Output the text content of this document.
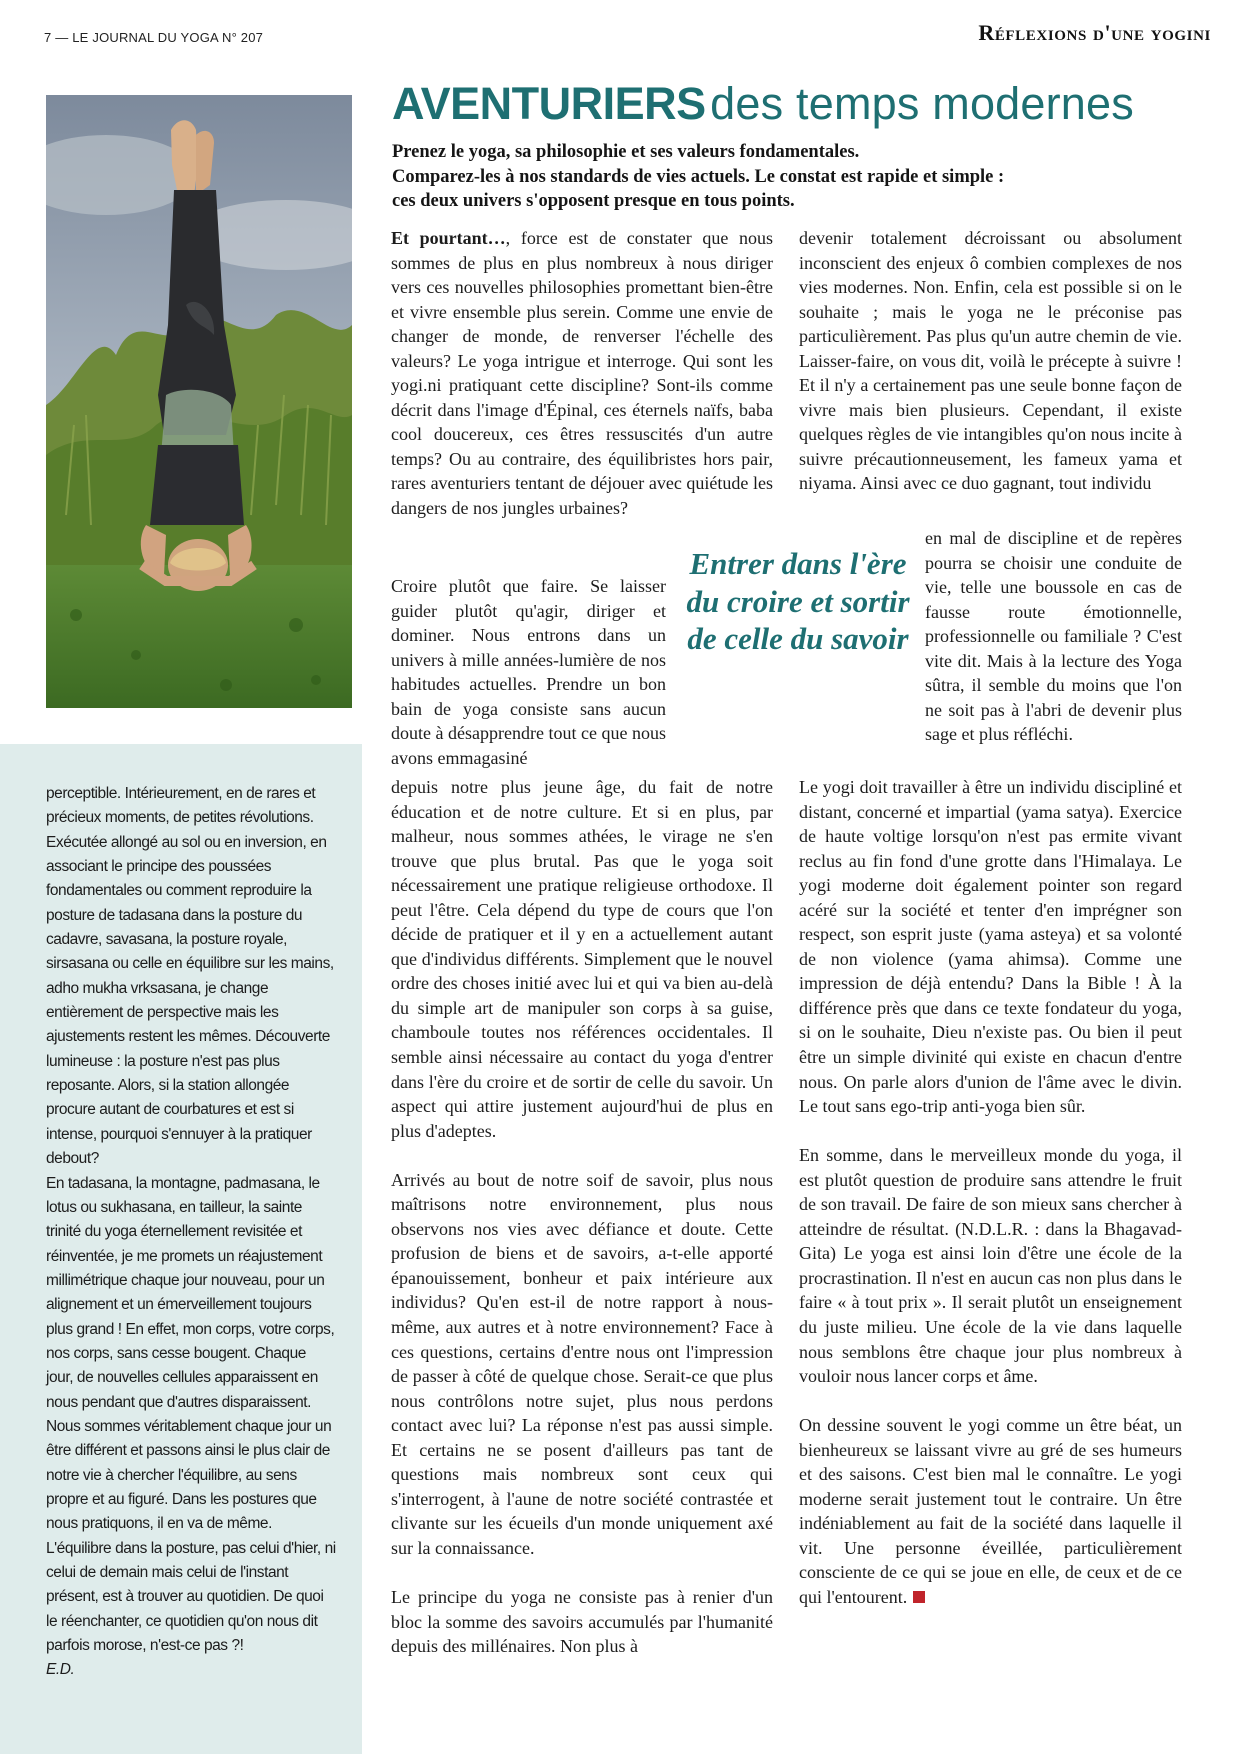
7 — LE JOURNAL DU YOGA N° 207	Réflexions d'une yogini
perceptible. Intérieurement, en de rares et précieux moments, de petites révolutions. Exécutée allongé au sol ou en inversion, en associant le principe des poussées fondamentales ou comment reproduire la posture de tadasana dans la posture du cadavre, savasana, la posture royale, sirsasana ou celle en équilibre sur les mains, adho mukha vrksasana, je change entièrement de perspective mais les ajustements restent les mêmes. Découverte lumineuse : la posture n'est pas plus reposante. Alors, si la station allongée procure autant de courbatures et est si intense, pourquoi s'ennuyer à la pratiquer debout?
En tadasana, la montagne, padmasana, le lotus ou sukhasana, en tailleur, la sainte trinité du yoga éternellement revisitée et réinventée, je me promets un réajustement millimétrique chaque jour nouveau, pour un alignement et un émerveillement toujours plus grand ! En effet, mon corps, votre corps, nos corps, sans cesse bougent. Chaque jour, de nouvelles cellules apparaissent en nous pendant que d'autres disparaissent. Nous sommes véritablement chaque jour un être différent et passons ainsi le plus clair de notre vie à chercher l'équilibre, au sens propre et au figuré. Dans les postures que nous pratiquons, il en va de même. L'équilibre dans la posture, pas celui d'hier, ni celui de demain mais celui de l'instant présent, est à trouver au quotidien. De quoi le réenchanter, ce quotidien qu'on nous dit parfois morose, n'est-ce pas ?!
E.D.
AVENTURIERS des temps modernes
Prenez le yoga, sa philosophie et ses valeurs fondamentales.
Comparez-les à nos standards de vies actuels. Le constat est rapide et simple :
ces deux univers s'opposent presque en tous points.

Et pourtant…, force est de constater que nous sommes de plus en plus nombreux à nous diriger vers ces nouvelles philosophies promettant bien-être et vivre ensemble plus serein. Comme une envie de changer de monde, de renverser l'échelle des valeurs? Le yoga intrigue et interroge. Qui sont les yogi.ni pratiquant cette discipline? Sont-ils comme décrit dans l'image d'Épinal, ces éternels naïfs, baba cool doucereux, ces êtres ressuscités d'un autre temps? Ou au contraire, des équilibristes hors pair, rares aventuriers tentant de déjouer avec quiétude les dangers de nos jungles urbaines?

Croire plutôt que faire. Se laisser guider plutôt qu'agir, diriger et dominer. Nous entrons dans un univers à mille années-lumière de nos habitudes actuelles. Prendre un bon bain de yoga consiste sans aucun doute à désapprendre tout ce que nous avons emmagasiné

Entrer dans l'ère du croire et sortir de celle du savoir

depuis notre plus jeune âge, du fait de notre éducation et de notre culture. Et si en plus, par malheur, nous sommes athées, le virage ne s'en trouve que plus brutal. Pas que le yoga soit nécessairement une pratique religieuse orthodoxe. Il peut l'être. Cela dépend du type de cours que l'on décide de pratiquer et il y en a actuellement autant que d'individus différents. Simplement que le nouvel ordre des choses initié avec lui et qui va bien au-delà du simple art de manipuler son corps à sa guise, chamboule toutes nos références occidentales. Il semble ainsi nécessaire au contact du yoga d'entrer dans l'ère du croire et de sortir de celle du savoir. Un aspect qui attire justement aujourd'hui de plus en plus d'adeptes.

Arrivés au bout de notre soif de savoir, plus nous maîtrisons notre environnement, plus nous observons nos vies avec défiance et doute. Cette profusion de biens et de savoirs, a-t-elle apporté épanouissement, bonheur et paix intérieure aux individus? Qu'en est-il de notre rapport à nous-même, aux autres et à notre environnement? Face à ces questions, certains d'entre nous ont l'impression de passer à côté de quelque chose. Serait-ce que plus nous contrôlons notre sujet, plus nous perdons contact avec lui? La réponse n'est pas aussi simple. Et certains ne se posent d'ailleurs pas tant de questions mais nombreux sont ceux qui s'interrogent, à l'aune de notre société contrastée et clivante sur les écueils d'un monde uniquement axé sur la connaissance.

Le principe du yoga ne consiste pas à renier d'un bloc la somme des savoirs accumulés par l'humanité depuis des millénaires. Non plus à

devenir totalement décroissant ou absolument inconscient des enjeux ô combien complexes de nos vies modernes. Non. Enfin, cela est possible si on le souhaite ; mais le yoga ne le préconise pas particulièrement. Pas plus qu'un autre chemin de vie. Laisser-faire, on vous dit, voilà le précepte à suivre ! Et il n'y a certainement pas une seule bonne façon de vivre mais bien plusieurs. Cependant, il existe quelques règles de vie intangibles qu'on nous incite à suivre précautionneusement, les fameux yama et niyama. Ainsi avec ce duo gagnant, tout individu

en mal de discipline et de repères pourra se choisir une conduite de vie, telle une boussole en cas de fausse route émotionnelle, professionnelle ou familiale ? C'est vite dit. Mais à la lecture des Yoga sûtra, il semble du moins que l'on ne soit pas à l'abri de devenir plus sage et plus réfléchi.

Le yogi doit travailler à être un individu discipliné et distant, concerné et impartial (yama satya). Exercice de haute voltige lorsqu'on n'est pas ermite vivant reclus au fin fond d'une grotte dans l'Himalaya. Le yogi moderne doit également pointer son regard acéré sur la société et tenter d'en imprégner son respect, son esprit juste (yama asteya) et sa volonté de non violence (yama ahimsa). Comme une impression de déjà entendu? Dans la Bible ! À la différence près que dans ce texte fondateur du yoga, si on le souhaite, Dieu n'existe pas. Ou bien il peut être un simple divinité qui existe en chacun d'entre nous. On parle alors d'union de l'âme avec le divin. Le tout sans ego-trip anti-yoga bien sûr.

En somme, dans le merveilleux monde du yoga, il est plutôt question de produire sans attendre le fruit de son travail. De faire de son mieux sans chercher à atteindre de résultat. (N.D.L.R. : dans la Bhagavad-Gita) Le yoga est ainsi loin d'être une école de la procrastination. Il n'est en aucun cas non plus dans le faire « à tout prix ». Il serait plutôt un enseignement du juste milieu. Une école de la vie dans laquelle nous semblons être chaque jour plus nombreux à vouloir nous lancer corps et âme.

On dessine souvent le yogi comme un être béat, un bienheureux se laissant vivre au gré de ses humeurs et des saisons. C'est bien mal le connaître. Le yogi moderne serait justement tout le contraire. Un être indéniablement au fait de la société dans laquelle il vit. Une personne éveillée, particulièrement consciente de ce qui se joue en elle, de ceux et de ce qui l'entourent.
